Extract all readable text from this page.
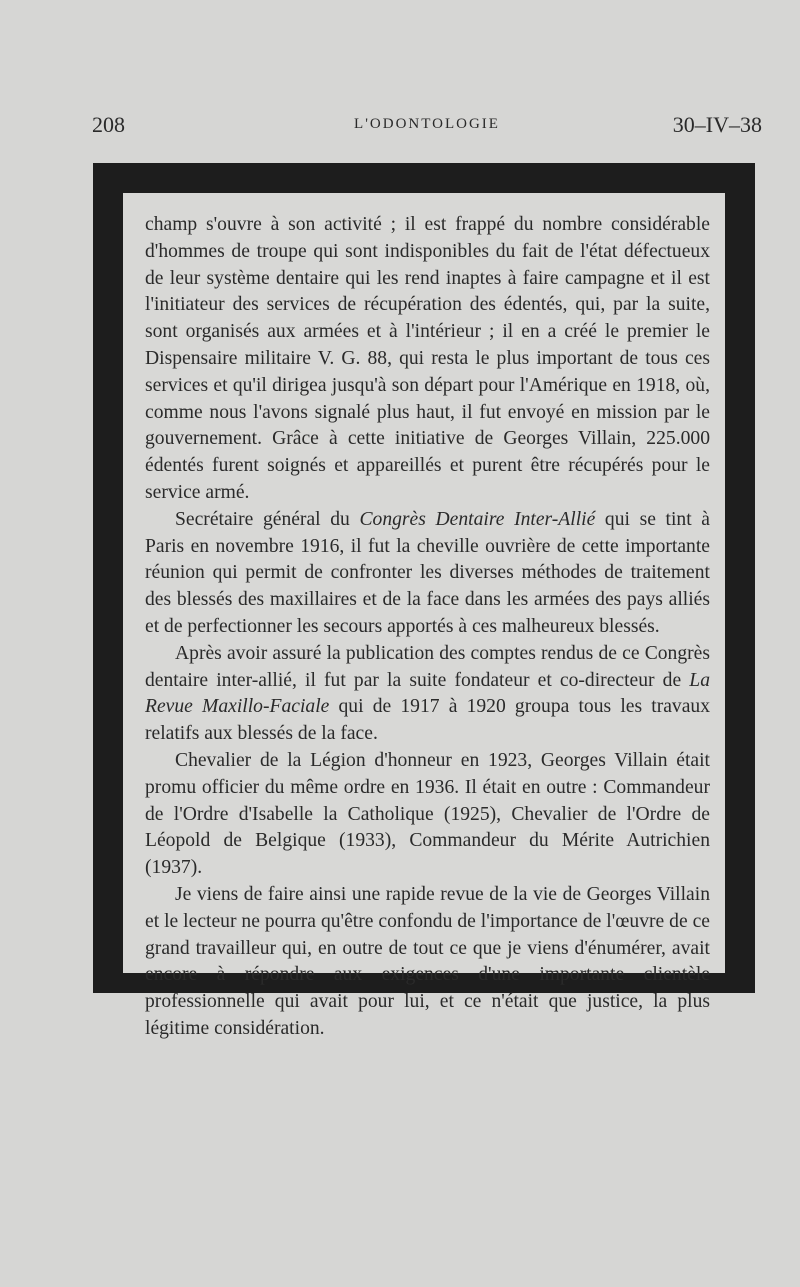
208	L'ODONTOLOGIE	30–IV–38

champ s'ouvre à son activité ; il est frappé du nombre considérable d'hommes de troupe qui sont indisponibles du fait de l'état défectueux de leur système dentaire qui les rend inaptes à faire campagne et il est l'initiateur des services de récupération des édentés, qui, par la suite, sont organisés aux armées et à l'intérieur ; il en a créé le premier le Dispensaire militaire V. G. 88, qui resta le plus important de tous ces services et qu'il dirigea jusqu'à son départ pour l'Amérique en 1918, où, comme nous l'avons signalé plus haut, il fut envoyé en mission par le gouvernement. Grâce à cette initiative de Georges Villain, 225.000 édentés furent soignés et appareillés et purent être récupérés pour le service armé.

Secrétaire général du Congrès Dentaire Inter-Allié qui se tint à Paris en novembre 1916, il fut la cheville ouvrière de cette importante réunion qui permit de confronter les diverses méthodes de traitement des blessés des maxillaires et de la face dans les armées des pays alliés et de perfectionner les secours apportés à ces malheureux blessés.

Après avoir assuré la publication des comptes rendus de ce Congrès dentaire inter-allié, il fut par la suite fondateur et co-directeur de La Revue Maxillo-Faciale qui de 1917 à 1920 groupa tous les travaux relatifs aux blessés de la face.

Chevalier de la Légion d'honneur en 1923, Georges Villain était promu officier du même ordre en 1936. Il était en outre : Commandeur de l'Ordre d'Isabelle la Catholique (1925), Chevalier de l'Ordre de Léopold de Belgique (1933), Commandeur du Mérite Autrichien (1937).

Je viens de faire ainsi une rapide revue de la vie de Georges Villain et le lecteur ne pourra qu'être confondu de l'importance de l'œuvre de ce grand travailleur qui, en outre de tout ce que je viens d'énumérer, avait encore à répondre aux exigences d'une importante clientèle professionnelle qui avait pour lui, et ce n'était que justice, la plus légitime considération.
